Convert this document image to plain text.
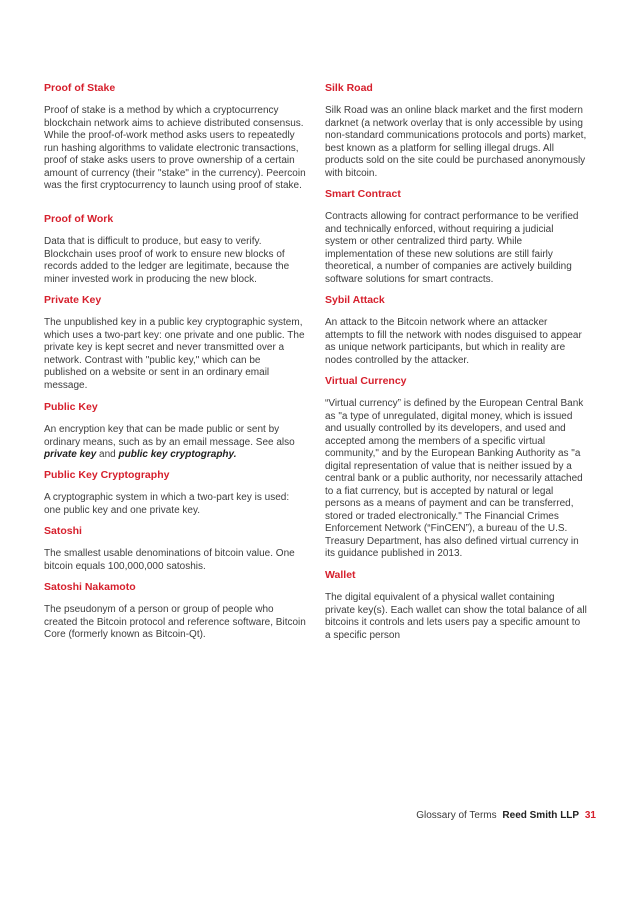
Proof of Stake

Proof of stake is a method by which a cryptocurrency blockchain network aims to achieve distributed consensus. While the proof-of-work method asks users to repeatedly run hashing algorithms to validate electronic transactions, proof of stake asks users to prove ownership of a certain amount of currency (their "stake" in the currency). Peercoin was the first cryptocurrency to launch using proof of stake.

Proof of Work

Data that is difficult to produce, but easy to verify. Blockchain uses proof of work to ensure new blocks of records added to the ledger are legitimate, because the miner invested work in producing the new block.

Private Key

The unpublished key in a public key cryptographic system, which uses a two-part key: one private and one public. The private key is kept secret and never transmitted over a network. Contrast with "public key," which can be published on a website or sent in an ordinary email message.

Public Key

An encryption key that can be made public or sent by ordinary means, such as by an email message. See also private key and public key cryptography.

Public Key Cryptography

A cryptographic system in which a two-part key is used: one public key and one private key.

Satoshi

The smallest usable denominations of bitcoin value. One bitcoin equals 100,000,000 satoshis.

Satoshi Nakamoto

The pseudonym of a person or group of people who created the Bitcoin protocol and reference software, Bitcoin Core (formerly known as Bitcoin-Qt).

Silk Road

Silk Road was an online black market and the first modern darknet (a network overlay that is only accessible by using non-standard communications protocols and ports) market, best known as a platform for selling illegal drugs. All products sold on the site could be purchased anonymously with bitcoin.

Smart Contract

Contracts allowing for contract performance to be verified and technically enforced, without requiring a judicial system or other centralized third party. While implementation of these new solutions are still fairly theoretical, a number of companies are actively building software solutions for smart contracts.

Sybil Attack

An attack to the Bitcoin network where an attacker attempts to fill the network with nodes disguised to appear as unique network participants, but which in reality are nodes controlled by the attacker.

Virtual Currency

“Virtual currency” is defined by the European Central Bank as "a type of unregulated, digital money, which is issued and usually controlled by its developers, and used and accepted among the members of a specific virtual community," and by the European Banking Authority as "a digital representation of value that is neither issued by a central bank or a public authority, nor necessarily attached to a fiat currency, but is accepted by natural or legal persons as a means of payment and can be transferred, stored or traded electronically." The Financial Crimes Enforcement Network (“FinCEN”), a bureau of the U.S. Treasury Department, has also defined virtual currency in its guidance published in 2013.

Wallet

The digital equivalent of a physical wallet containing private key(s). Each wallet can show the total balance of all bitcoins it controls and lets users pay a specific amount to a specific person

Glossary of Terms Reed Smith LLP 31
